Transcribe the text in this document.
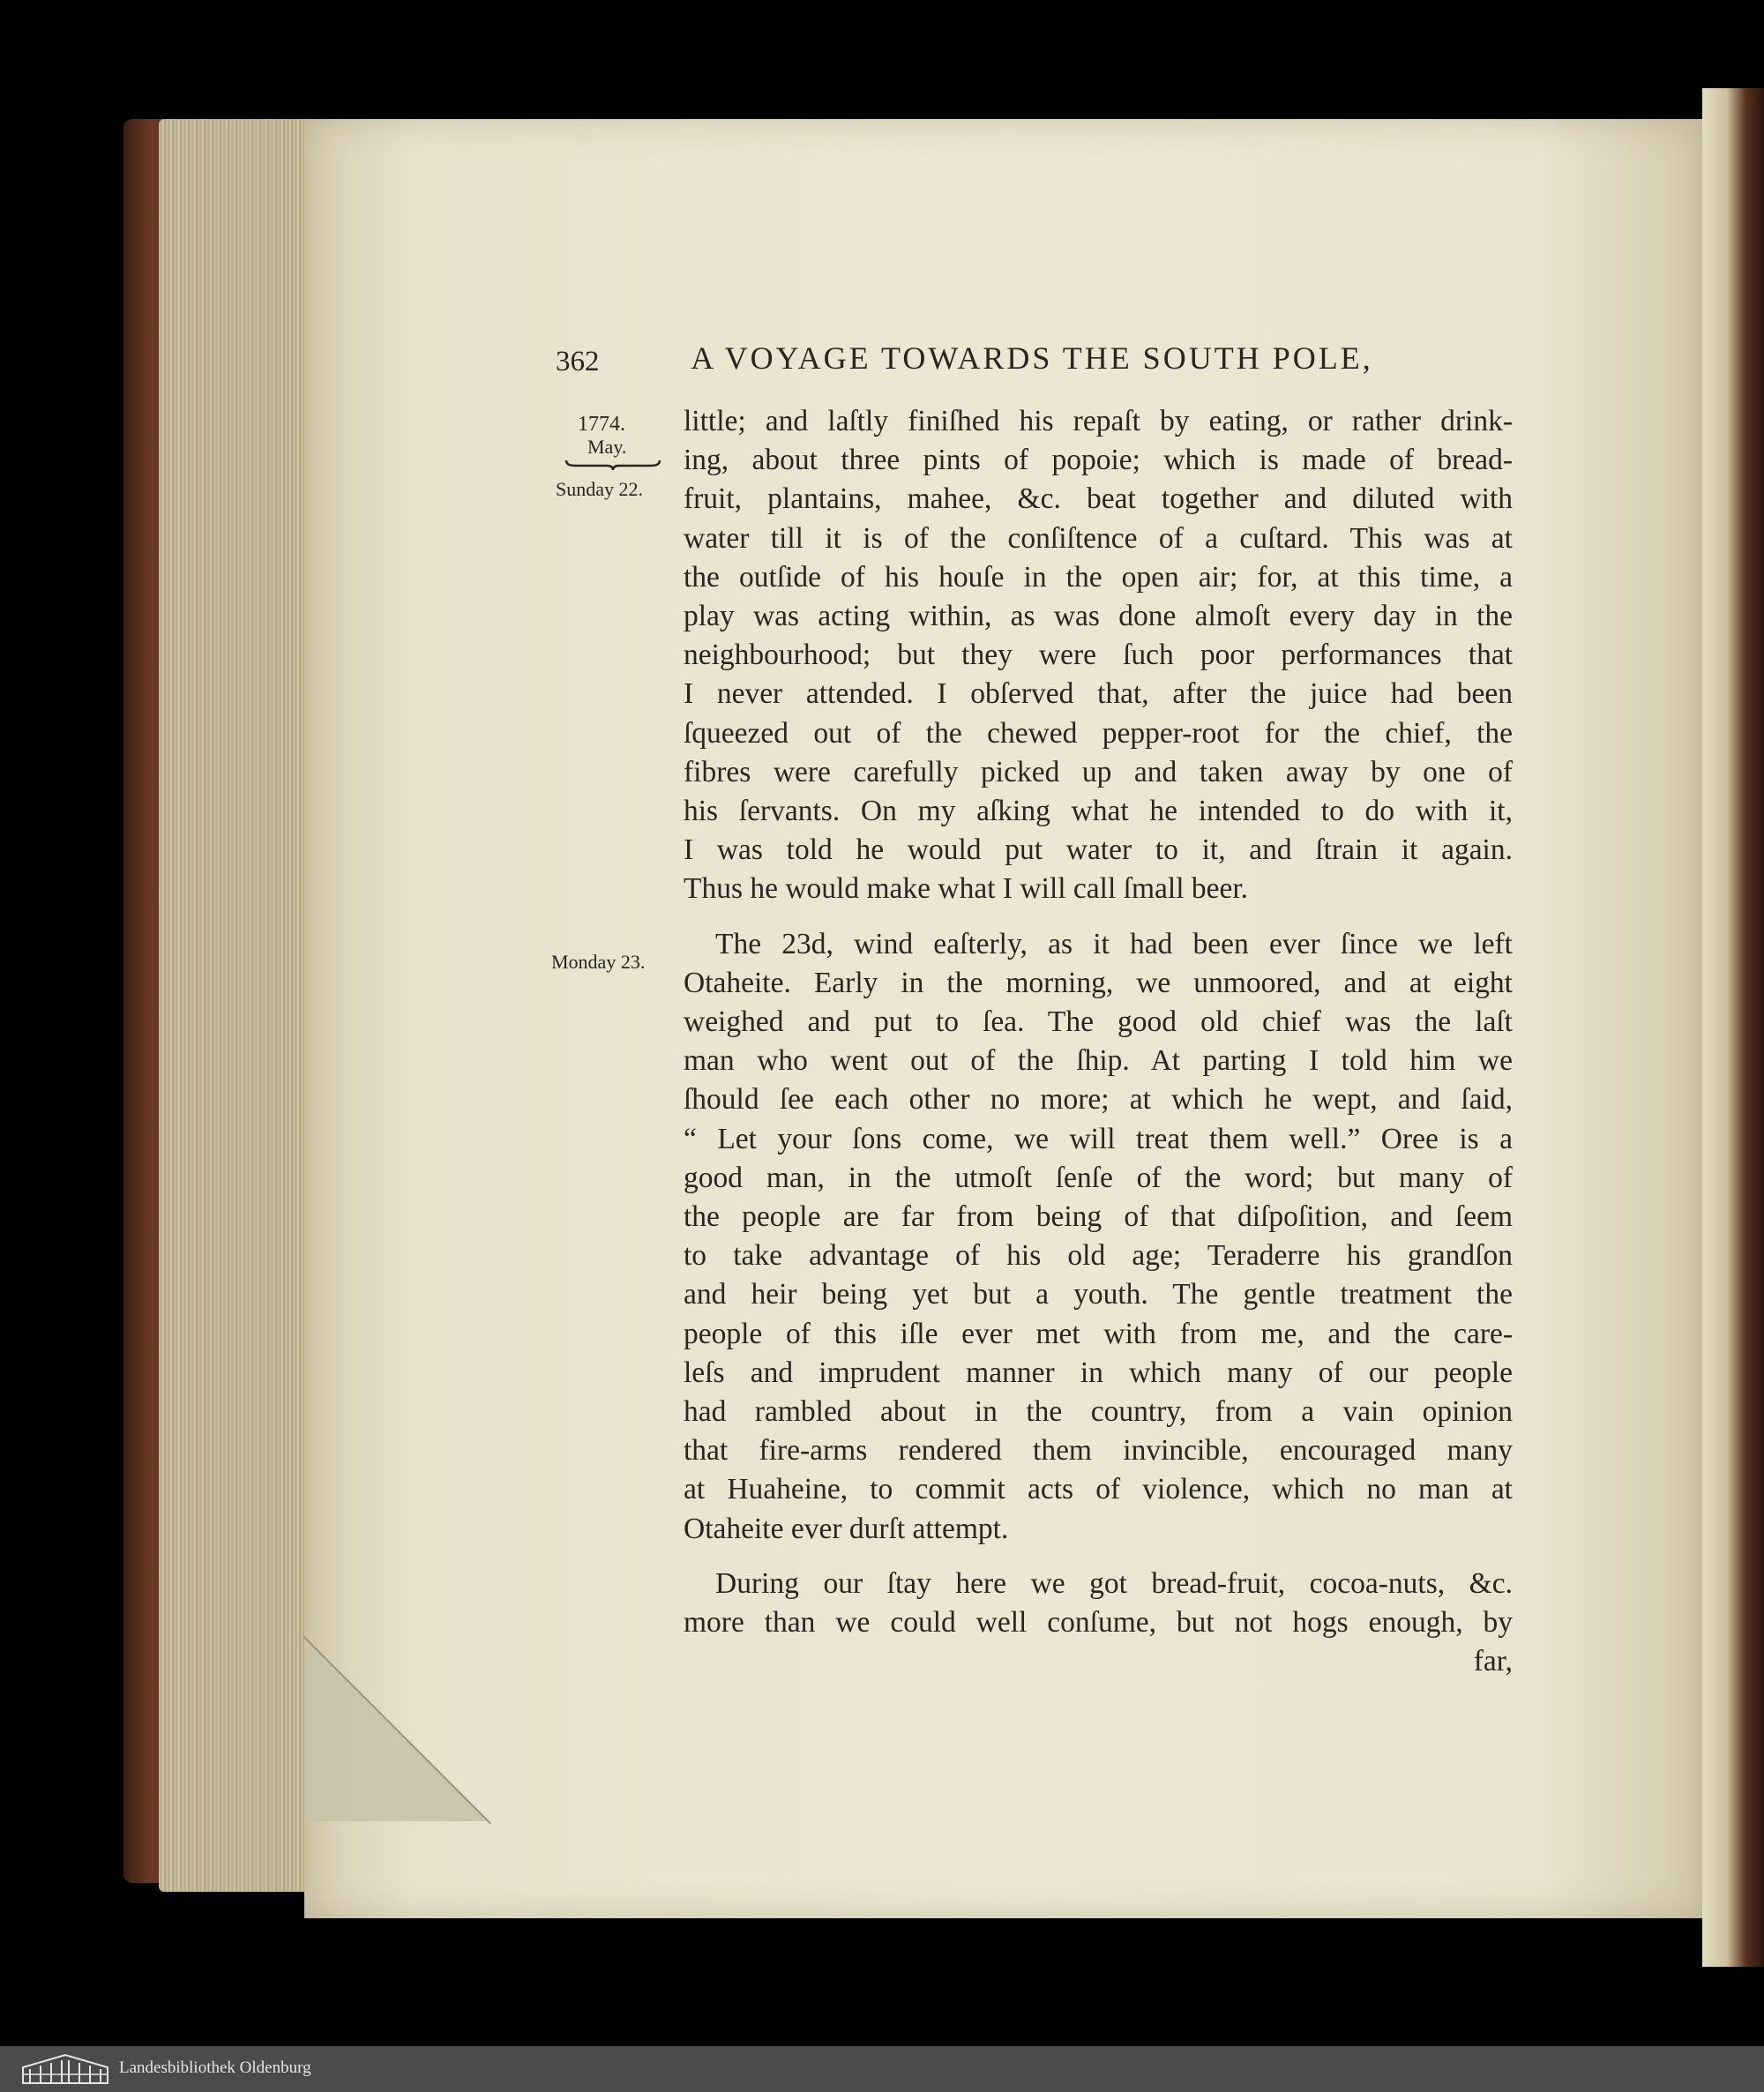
362	A VOYAGE TOWARDS THE SOUTH POLE,
1774.
May.
Sunday 22.
Monday 23.
little; and laſtly finiſhed his repaſt by eating, or rather drink-
ing, about three pints of popoie; which is made of bread-
fruit, plantains, mahee, &c. beat together and diluted with
water till it is of the conſiſtence of a cuſtard. This was at
the outſide of his houſe in the open air; for, at this time, a
play was acting within, as was done almoſt every day in the
neighbourhood; but they were ſuch poor performances that
I never attended. I obſerved that, after the juice had been
ſqueezed out of the chewed pepper-root for the chief, the
fibres were carefully picked up and taken away by one of
his ſervants. On my aſking what he intended to do with it,
I was told he would put water to it, and ſtrain it again.
Thus he would make what I will call ſmall beer.
The 23d, wind eaſterly, as it had been ever ſince we left
Otaheite. Early in the morning, we unmoored, and at eight
weighed and put to ſea. The good old chief was the laſt
man who went out of the ſhip. At parting I told him we
ſhould ſee each other no more; at which he wept, and ſaid,
“ Let your ſons come, we will treat them well.” Oree is a
good man, in the utmoſt ſenſe of the word; but many of
the people are far from being of that diſpoſition, and ſeem
to take advantage of his old age; Teraderre his grandſon
and heir being yet but a youth. The gentle treatment the
people of this iſle ever met with from me, and the care-
leſs and imprudent manner in which many of our people
had rambled about in the country, from a vain opinion
that fire-arms rendered them invincible, encouraged many
at Huaheine, to commit acts of violence, which no man at
Otaheite ever durſt attempt.
During our ſtay here we got bread-fruit, cocoa-nuts, &c.
more than we could well conſume, but not hogs enough, by
far,
Landesbibliothek Oldenburg
